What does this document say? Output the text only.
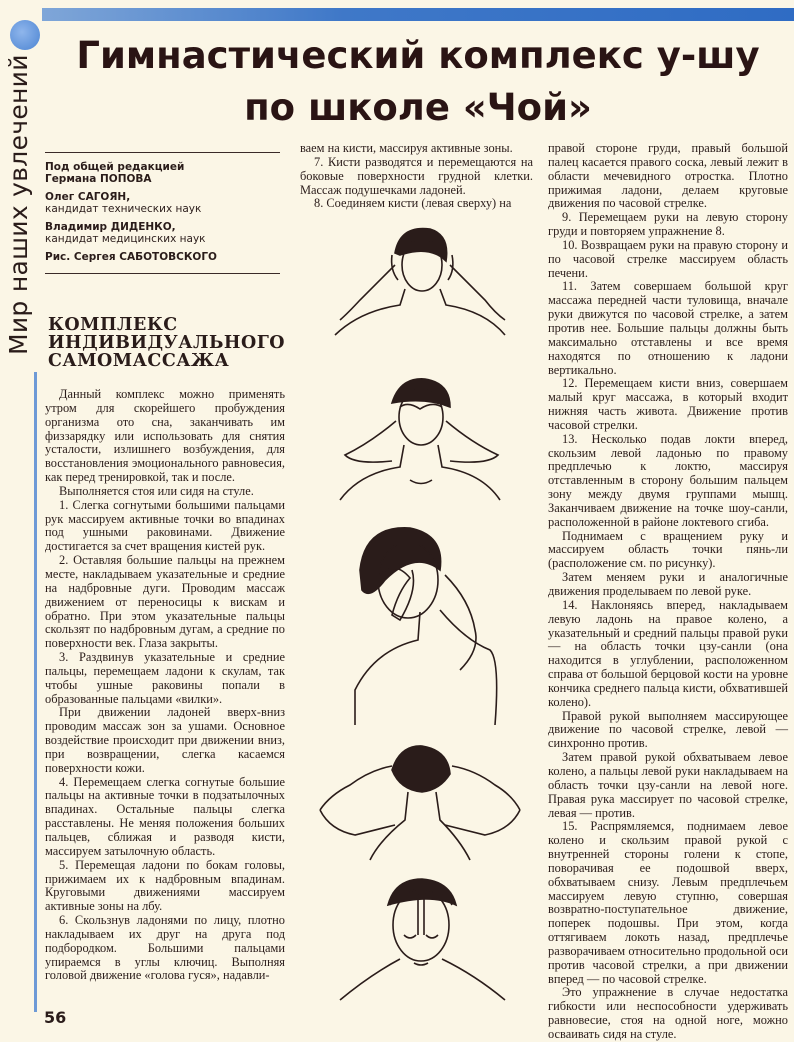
Мир наших увлечений	Гимнастический комплекс у-шу
по школе «Чой»
Под общей редакцией
Германа ПОПОВА
Олег САГОЯН,
кандидат технических наук
Владимир ДИДЕНКО,
кандидат медицинских наук
Рис. Сергея САБОТОВСКОГО
КОМПЛЕКС
ИНДИВИДУАЛЬНОГО
САМОМАССАЖА

Данный комплекс можно применять утром для скорейшего пробуждения организма ото сна, заканчивать им физзарядку или использовать для снятия усталости, излишнего возбуждения, для восстановления эмоционального равновесия, как перед тренировкой, так и после.

Выполняется стоя или сидя на стуле.

1. Слегка согнутыми большими пальцами рук массируем активные точки во впадинах под ушными раковинами. Движение достигается за счет вращения кистей рук.

2. Оставляя большие пальцы на прежнем месте, накладываем указательные и средние на надбровные дуги. Проводим массаж движением от переносицы к вискам и обратно. При этом указательные пальцы скользят по надбровным дугам, а средние по поверхности век. Глаза закрыты.

3. Раздвинув указательные и средние пальцы, перемещаем ладони к скулам, так чтобы ушные раковины попали в образованные пальцами «вилки».

При движении ладоней вверх-вниз проводим массаж зон за ушами. Основное воздействие происходит при движении вниз, при возвращении, слегка касаемся поверхности кожи.

4. Перемещаем слегка согнутые большие пальцы на активные точки в подзатылочных впадинах. Остальные пальцы слегка расставлены. Не меняя положения больших пальцев, сближая и разводя кисти, массируем затылочную область.

5. Перемещая ладони по бокам головы, прижимаем их к надбровным впадинам. Круговыми движениями массируем активные зоны на лбу.

6. Скользнув ладонями по лицу, плотно накладываем их друг на друга под подбородком. Большими пальцами упираемся в углы ключиц. Выполняя головой движение «голова гуся», надавли-

ваем на кисти, массируя активные зоны.

7. Кисти разводятся и перемещаются на боковые поверхности грудной клетки. Массаж подушечками ладоней.

8. Соединяем кисти (левая сверху) на

правой стороне груди, правый большой палец касается правого соска, левый лежит в области мечевидного отростка. Плотно прижимая ладони, делаем круговые движения по часовой стрелке.

9. Перемещаем руки на левую сторону груди и повторяем упражнение 8.

10. Возвращаем руки на правую сторону и по часовой стрелке массируем область печени.

11. Затем совершаем большой круг массажа передней части туловища, вначале руки движутся по часовой стрелке, а затем против нее. Большие пальцы должны быть максимально отставлены и все время находятся по отношению к ладони вертикально.

12. Перемещаем кисти вниз, совершаем малый круг массажа, в который входит нижняя часть живота. Движение против часовой стрелки.

13. Несколько подав локти вперед, скользим левой ладонью по правому предплечью к локтю, массируя отставленным в сторону большим пальцем зону между двумя группами мышц. Заканчиваем движение на точке шоу-санли, расположенной в районе локтевого сгиба.

Поднимаем с вращением руку и массируем область точки пянь-ли (расположение см. по рисунку).

Затем меняем руки и аналогичные движения проделываем по левой руке.

14. Наклоняясь вперед, накладываем левую ладонь на правое колено, а указательный и средний пальцы правой руки — на область точки цзу-санли (она находится в углублении, расположенном справа от большой берцовой кости на уровне кончика среднего пальца кисти, обхватившей колено).

Правой рукой выполняем массирующее движение по часовой стрелке, левой — синхронно против.

Затем правой рукой обхватываем левое колено, а пальцы левой руки накладываем на область точки цзу-санли на левой ноге. Правая рука массирует по часовой стрелке, левая — против.

15. Распрямляемся, поднимаем левое колено и скользим правой рукой с внутренней стороны голени к стопе, поворачивая ее подошвой вверх, обхватываем снизу. Левым предплечьем массируем левую ступню, совершая возвратно-поступательное движение, поперек подошвы. При этом, когда оттягиваем локоть назад, предплечье разворачиваем относительно продольной оси против часовой стрелки, а при движении вперед — по часовой стрелке.

Это упражнение в случае недостатка гибкости или неспособности удерживать равновесие, стоя на одной ноге, можно осваивать сидя на стуле.

56
